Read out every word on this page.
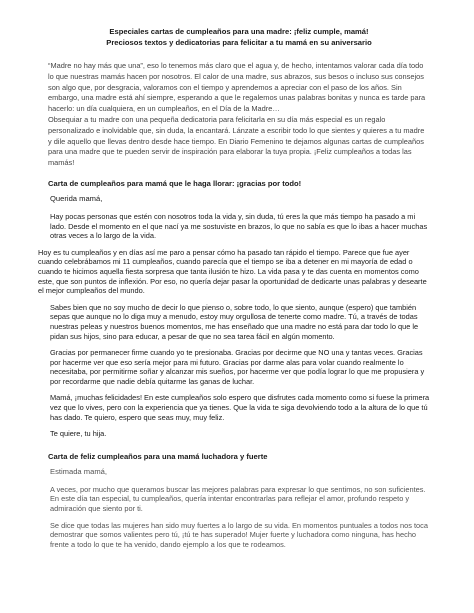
Especiales cartas de cumpleaños para una madre: ¡feliz cumple, mamá!

Preciosos textos y dedicatorias para felicitar a tu mamá en su aniversario

“Madre no hay más que una”, eso lo tenemos más claro que el agua y, de hecho, intentamos valorar cada día todo lo que nuestras mamás hacen por nosotros. El calor de una madre, sus abrazos, sus besos o incluso sus consejos son algo que, por desgracia, valoramos con el tiempo y aprendemos a apreciar con el paso de los años. Sin embargo, una madre está ahí siempre, esperando a que le regalemos unas palabras bonitas y nunca es tarde para hacerlo: un día cualquiera, en un cumpleaños, en el Día de la Madre…

Obsequiar a tu madre con una pequeña dedicatoria para felicitarla en su día más especial es un regalo personalizado e inolvidable que, sin duda, la encantará. Lánzate a escribir todo lo que sientes y quieres a tu madre y dile aquello que llevas dentro desde hace tiempo. En Diario Femenino te dejamos algunas cartas de cumpleaños para una madre que te pueden servir de inspiración para elaborar la tuya propia. ¡Feliz cumpleaños a todas las mamás!

Carta de cumpleaños para mamá que le haga llorar: ¡gracias por todo!
Querida mamá,

Hay pocas personas que estén con nosotros toda la vida y, sin duda, tú eres la que más tiempo ha pasado a mi lado. Desde el momento en el que nací ya me sostuviste en brazos, lo que no sabía es que lo ibas a hacer muchas otras veces a lo largo de la vida.

Hoy es tu cumpleaños y en días así me paro a pensar cómo ha pasado tan rápido el tiempo. Parece que fue ayer cuando celebrábamos mi 11 cumpleaños, cuando parecía que el tiempo se iba a detener en mi mayoría de edad o cuando te hicimos aquella fiesta sorpresa que tanta ilusión te hizo. La vida pasa y te das cuenta en momentos como este, que son puntos de inflexión. Por eso, no quería dejar pasar la oportunidad de dedicarte unas palabras y desearte el mejor cumpleaños del mundo.

Sabes bien que no soy mucho de decir lo que pienso o, sobre todo, lo que siento, aunque (espero) que también sepas que aunque no lo diga muy a menudo, estoy muy orgullosa de tenerte como madre. Tú, a través de todas nuestras peleas y nuestros buenos momentos, me has enseñado que una madre no está para dar todo lo que le pidan sus hijos, sino para educar, a pesar de que no sea tarea fácil en algún momento.

Gracias por permanecer firme cuando yo te presionaba. Gracias por decirme que NO una y tantas veces. Gracias por hacerme ver que eso sería mejor para mi futuro. Gracias por darme alas para volar cuando realmente lo necesitaba, por permitirme soñar y alcanzar mis sueños, por hacerme ver que podía lograr lo que me propusiera y por recordarme que nadie debía quitarme las ganas de luchar.

Mamá, ¡muchas felicidades! En este cumpleaños solo espero que disfrutes cada momento como si fuese la primera vez que lo vives, pero con la experiencia que ya tienes. Que la vida te siga devolviendo todo a la altura de lo que tú has dado. Te quiero, espero que seas muy, muy feliz.

Te quiere, tu hija.

Carta de feliz cumpleaños para una mamá luchadora y fuerte
Estimada mamá,

A veces, por mucho que queramos buscar las mejores palabras para expresar lo que sentimos, no son suficientes. En este día tan especial, tu cumpleaños, quería intentar encontrarlas para reflejar el amor, profundo respeto y admiración que siento por ti.

Se dice que todas las mujeres han sido muy fuertes a lo largo de su vida. En momentos puntuales a todos nos toca demostrar que somos valientes pero tú, ¡tú te has superado! Mujer fuerte y luchadora como ninguna, has hecho frente a todo lo que te ha venido, dando ejemplo a los que te rodeamos.
